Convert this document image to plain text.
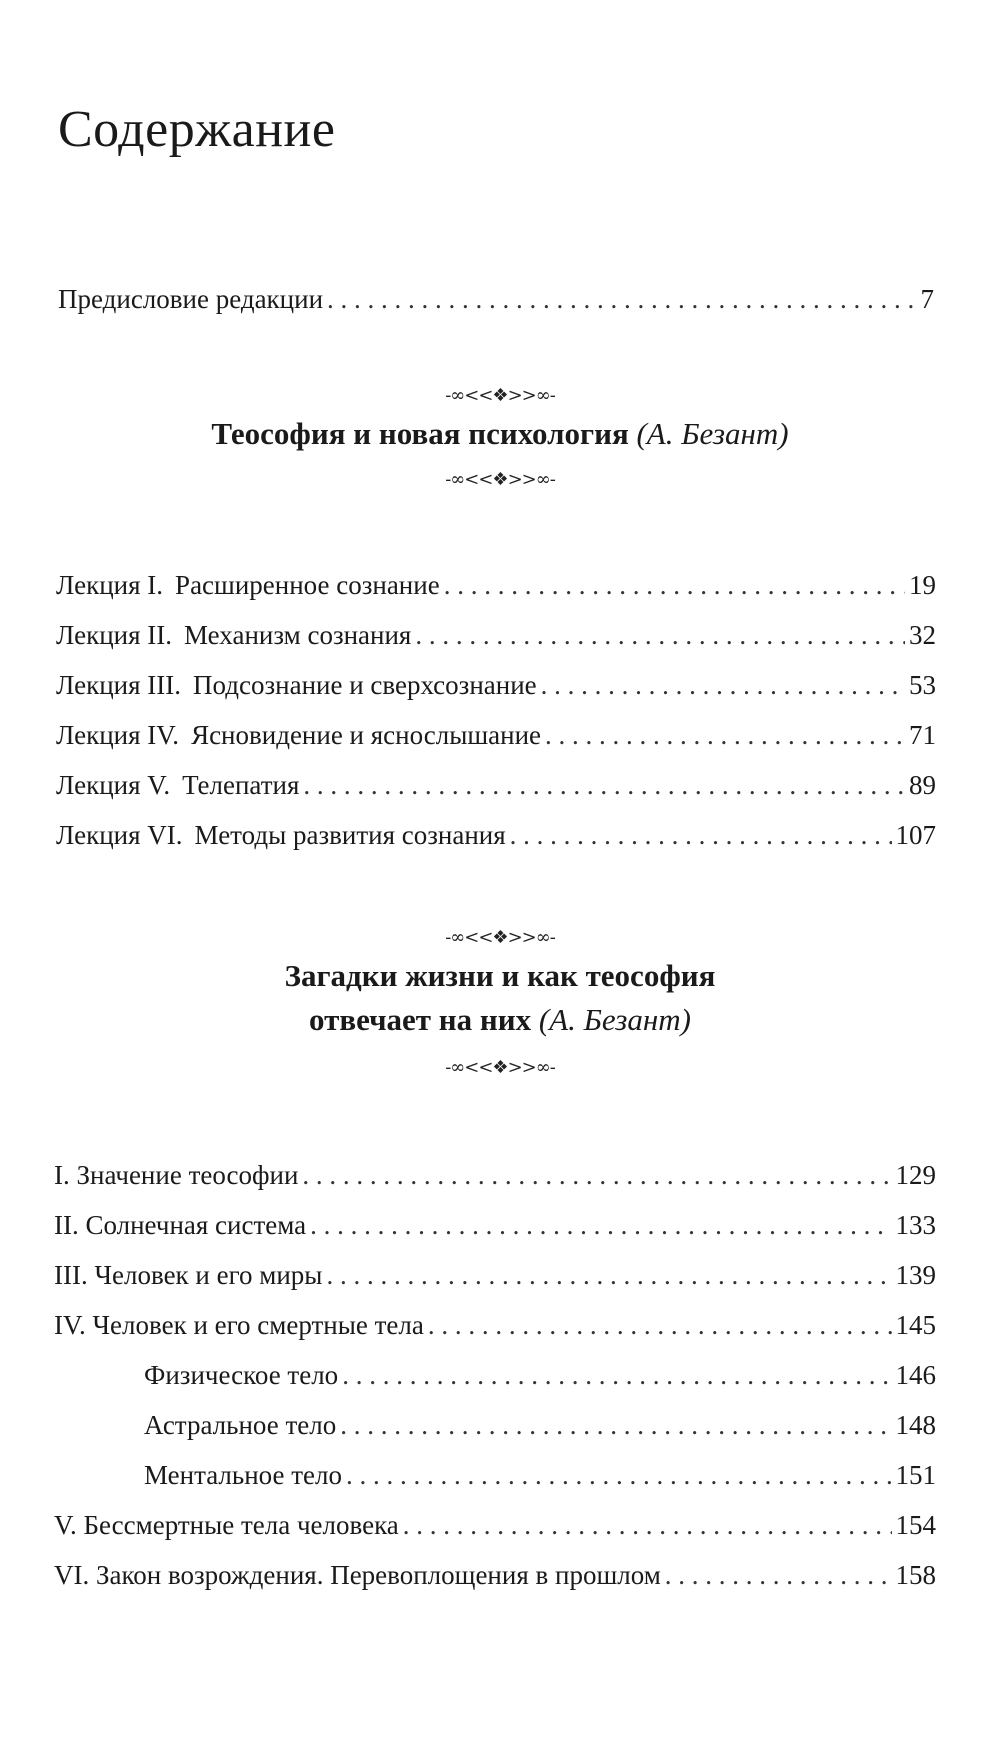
Содержание
Предисловие редакции . . .	7
-∞<<❖>>∞-
Теософия и новая психология (А. Безант)
-∞<<❖>>∞-
Лекция I. Расширенное сознание . . .	19
Лекция II. Механизм сознания . . .	32
Лекция III. Подсознание и сверхсознание . . .	53
Лекция IV. Ясновидение и яснослышание . . .	71
Лекция V. Телепатия . . .	89
Лекция VI. Методы развития сознания . . .	107
-∞<<❖>>∞-
Загадки жизни и как теософия
отвечает на них (А. Безант)
-∞<<❖>>∞-
I. Значение теософии . . .	129
II. Солнечная система . . .	133
III. Человек и его миры . . .	139
IV. Человек и его смертные тела . . .	145
Физическое тело . . .	146
Астральное тело . . .	148
Ментальное тело . . .	151
V. Бессмертные тела человека . . .	154
VI. Закон возрождения. Перевоплощения в прошлом . . .	158
